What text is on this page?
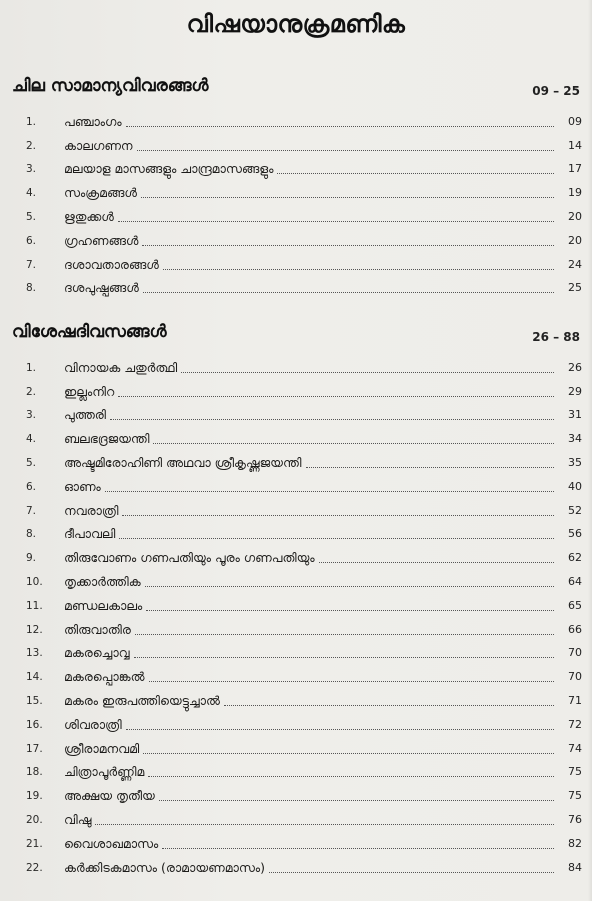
വിഷയാനുക്രമണിക
ചില സാമാന്യവിവരങ്ങൾ	09 – 25
1.	പഞ്ചാംഗം	09
2.	കാലഗണന	14
3.	മലയാള മാസങ്ങളും ചാന്ദ്രമാസങ്ങളും	17
4.	സംക്രമങ്ങൾ	19
5.	ഋതുക്കൾ	20
6.	ഗ്രഹണങ്ങൾ	20
7.	ദശാവതാരങ്ങൾ	24
8.	ദശപുഷ്പങ്ങൾ	25
വിശേഷദിവസങ്ങൾ	26 – 88
1.	വിനായക ചതുർത്ഥി	26
2.	ഇല്ലംനിറ	29
3.	പുത്തരി	31
4.	ബലഭദ്രജയന്തി	34
5.	അഷ്ടമിരോഹിണി അഥവാ ശ്രീകൃഷ്ണജയന്തി	35
6.	ഓണം	40
7.	നവരാത്രി	52
8.	ദീപാവലി	56
9.	തിരുവോണം ഗണപതിയും പൂരം ഗണപതിയും	62
10.	തൃക്കാർത്തിക	64
11.	മണ്ഡലകാലം	65
12.	തിരുവാതിര	66
13.	മകരച്ചൊവ്വ	70
14.	മകരപ്പൊങ്കൽ	70
15.	മകരം ഇരുപത്തിയെട്ടുച്ചാൽ	71
16.	ശിവരാത്രി	72
17.	ശ്രീരാമനവമി	74
18.	ചിത്രാപൂർണ്ണിമ	75
19.	അക്ഷയ തൃതീയ	75
20.	വിഷു	76
21.	വൈശാഖമാസം	82
22.	കർക്കിടകമാസം (രാമായണമാസം)	84
